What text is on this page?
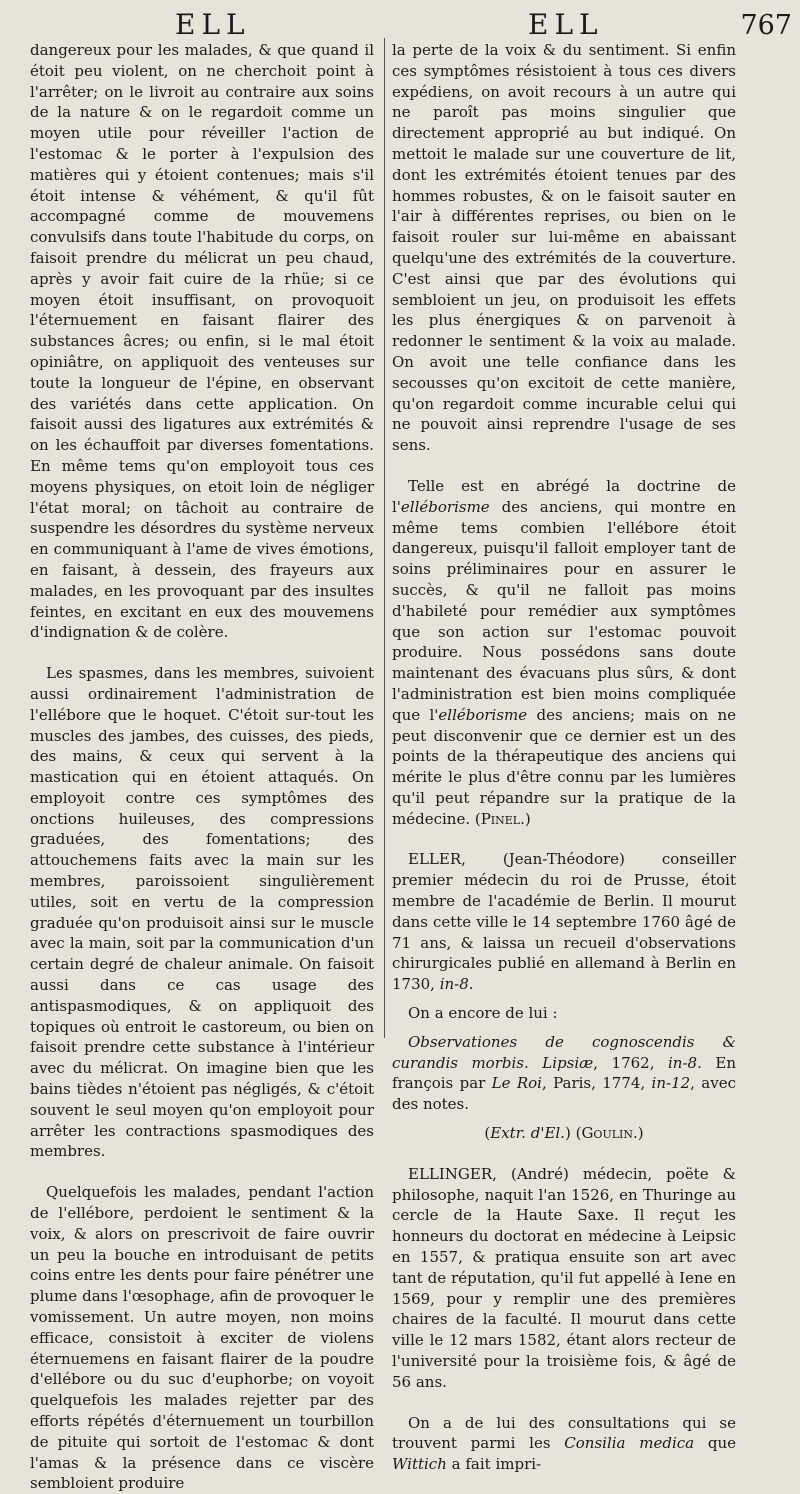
ELL	ELL	767

dangereux pour les malades, & que quand il étoit peu violent, on ne cherchoit point à l'arrêter; on le livroit au contraire aux soins de la nature & on le regardoit comme un moyen utile pour réveiller l'action de l'estomac & le porter à l'expulsion des matières qui y étoient contenues; mais s'il étoit intense & véhément, & qu'il fût accompagné comme de mouvemens convulsifs dans toute l'habitude du corps, on faisoit prendre du mélicrat un peu chaud, après y avoir fait cuire de la rhüe; si ce moyen étoit insuffisant, on provoquoit l'éternuement en faisant flairer des substances âcres; ou enfin, si le mal étoit opiniâtre, on appliquoit des venteuses sur toute la longueur de l'épine, en observant des variétés dans cette application. On faisoit aussi des ligatures aux extrémités & on les échauffoit par diverses fomentations. En même tems qu'on employoit tous ces moyens physiques, on etoit loin de négliger l'état moral; on tâchoit au contraire de suspendre les désordres du système nerveux en communiquant à l'ame de vives émotions, en faisant, à dessein, des frayeurs aux malades, en les provoquant par des insultes feintes, en excitant en eux des mouvemens d'indignation & de colère.

Les spasmes, dans les membres, suivoient aussi ordinairement l'administration de l'ellébore que le hoquet. C'étoit sur-tout les muscles des jambes, des cuisses, des pieds, des mains, & ceux qui servent à la mastication qui en étoient attaqués. On employoit contre ces symptômes des onctions huileuses, des compressions graduées, des fomentations; des attouchemens faits avec la main sur les membres, paroissoient singulièrement utiles, soit en vertu de la compression graduée qu'on produisoit ainsi sur le muscle avec la main, soit par la communication d'un certain degré de chaleur animale. On faisoit aussi dans ce cas usage des antispasmodiques, & on appliquoit des topiques où entroit le castoreum, ou bien on faisoit prendre cette substance à l'intérieur avec du mélicrat. On imagine bien que les bains tièdes n'étoient pas négligés, & c'étoit souvent le seul moyen qu'on employoit pour arrêter les contractions spasmodiques des membres.

Quelquefois les malades, pendant l'action de l'ellébore, perdoient le sentiment & la voix, & alors on prescrivoit de faire ouvrir un peu la bouche en introduisant de petits coins entre les dents pour faire pénétrer une plume dans l'œsophage, afin de provoquer le vomissement. Un autre moyen, non moins efficace, consistoit à exciter de violens éternuemens en faisant flairer de la poudre d'ellébore ou du suc d'euphorbe; on voyoit quelquefois les malades rejetter par des efforts répétés d'éternuement un tourbillon de pituite qui sortoit de l'estomac & dont l'amas & la présence dans ce viscère sembloient produire

la perte de la voix & du sentiment. Si enfin ces symptômes résistoient à tous ces divers expédiens, on avoit recours à un autre qui ne paroît pas moins singulier que directement approprié au but indiqué. On mettoit le malade sur une couverture de lit, dont les extrémités étoient tenues par des hommes robustes, & on le faisoit sauter en l'air à différentes reprises, ou bien on le faisoit rouler sur lui-même en abaissant quelqu'une des extrémités de la couverture. C'est ainsi que par des évolutions qui sembloient un jeu, on produisoit les effets les plus énergiques & on parvenoit à redonner le sentiment & la voix au malade. On avoit une telle confiance dans les secousses qu'on excitoit de cette manière, qu'on regardoit comme incurable celui qui ne pouvoit ainsi reprendre l'usage de ses sens.

Telle est en abrégé la doctrine de l'elléborisme des anciens, qui montre en même tems combien l'ellébore étoit dangereux, puisqu'il falloit employer tant de soins préliminaires pour en assurer le succès, & qu'il ne falloit pas moins d'habileté pour remédier aux symptômes que son action sur l'estomac pouvoit produire. Nous possédons sans doute maintenant des évacuans plus sûrs, & dont l'administration est bien moins compliquée que l'elléborisme des anciens; mais on ne peut disconvenir que ce dernier est un des points de la thérapeutique des anciens qui mérite le plus d'être connu par les lumières qu'il peut répandre sur la pratique de la médecine. (Pinel.)

ELLER, (Jean-Théodore) conseiller premier médecin du roi de Prusse, étoit membre de l'académie de Berlin. Il mourut dans cette ville le 14 septembre 1760 âgé de 71 ans, & laissa un recueil d'observations chirurgicales publié en allemand à Berlin en 1730, in-8.

On a encore de lui :

Observationes de cognoscendis & curandis morbis. Lipsiæ, 1762, in-8. En françois par Le Roi, Paris, 1774, in-12, avec des notes.

(Extr. d'El.) (Goulin.)

ELLINGER, (André) médecin, poëte & philosophe, naquit l'an 1526, en Thuringe au cercle de la Haute Saxe. Il reçut les honneurs du doctorat en médecine à Leipsic en 1557, & pratiqua ensuite son art avec tant de réputation, qu'il fut appellé à Iene en 1569, pour y remplir une des premières chaires de la faculté. Il mourut dans cette ville le 12 mars 1582, étant alors recteur de l'université pour la troisième fois, & âgé de 56 ans.

On a de lui des consultations qui se trouvent parmi les Consilia medica que Wittich a fait impri-
